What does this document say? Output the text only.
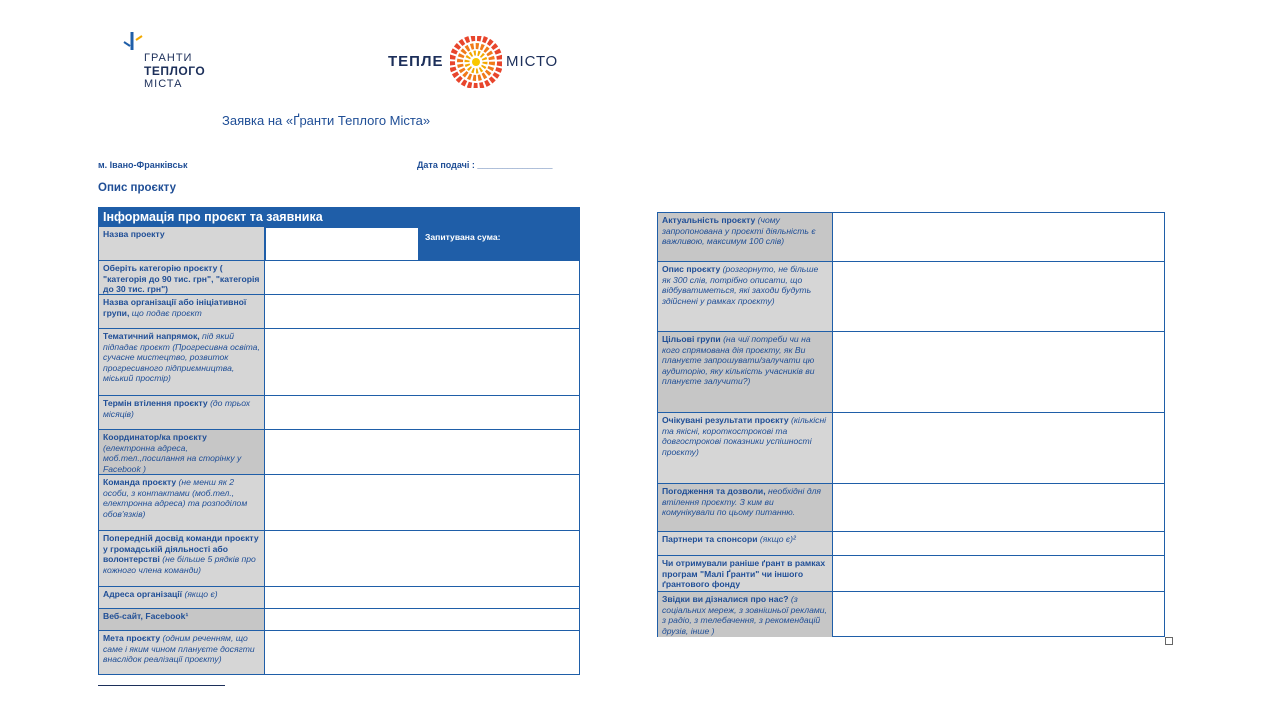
ГРАНТИ
ТЕПЛОГО
МІСТА
ТЕПЛЕ	МІСТО
Заявка на «Ґранти Теплого Міста»
м. Івано-Франківськ	Дата подачі : _______________
Опис проєкту
Інформація про проєкт та заявника
Назва проекту	Запитувана сума:
Оберіть категорію проєкту ( "категорія до 90 тис. грн", "категорія до 30 тис. грн")
Назва організації або ініціативної групи, що подає проєкт
Тематичний напрямок, під який підпадає проєкт (Прогресивна освіта, сучасне мистецтво, розвиток прогресивного підприємництва, міський простір)
Термін втілення проєкту (до трьох місяців)
Координатор/ка проєкту (електронна адреса, моб.тел.,посилання на сторінку у Facebook )
Команда проєкту (не менш як 2 особи, з контактами (моб.тел., електронна адреса) та розподілом обов'язків)
Попередній досвід команди проєкту у громадській діяльності або волонтерстві (не більше 5 рядків про кожного члена команди)
Адреса організації (якщо є)
Веб-сайт, Facebook¹
Мета проєкту (одним реченням, що саме і яким чином плануєте досягти внаслідок реалізації проєкту)
Актуальність проєкту (чому запропонована у проєкті діяльність є важливою, максимум 100 слів)
Опис проєкту (розгорнуто, не більше як 300 слів, потрібно описати, що відбуватиметься, які заходи будуть здійснені у рамках проєкту)
Цільові групи (на чиї потреби чи на кого спрямована дія проєкту, як Ви плануєте запрошувати/залучати цю аудиторію, яку кількість учасників ви плануєте залучити?)
Очікувані результати проєкту (кількісні та якісні, короткострокові та довгострокові показники успішності проєкту)
Погодження та дозволи, необхідні для втілення проєкту. З ким ви комунікували по цьому питанню.
Партнери та спонсори (якщо є)²
Чи отримували раніше ґрант в рамках програм "Малі Ґранти" чи іншого ґрантового фонду
Звідки ви дізналися про нас? (з соціальних мереж, з зовнішньої реклами, з радіо, з телебачення, з рекомендацій друзів, інше )
